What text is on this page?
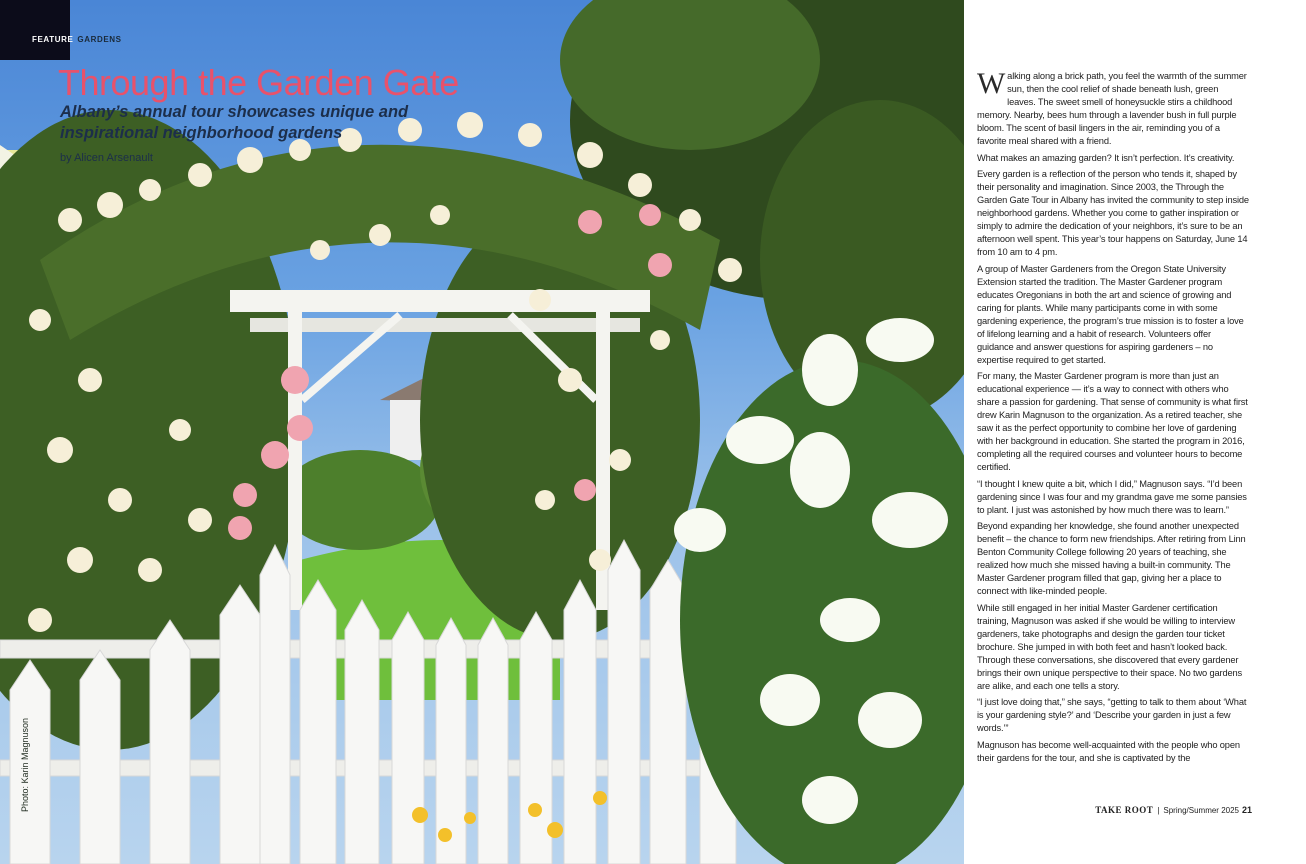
FEATURE GARDENS
Through the Garden Gate
Albany’s annual tour showcases unique and inspirational neighborhood gardens
by Alicen Arsenault
Photo: Karin Magnuson

Walking along a brick path, you feel the warmth of the summer sun, then the cool relief of shade beneath lush, green leaves. The sweet smell of honeysuckle stirs a childhood memory. Nearby, bees hum through a lavender bush in full purple bloom. The scent of basil lingers in the air, reminding you of a favorite meal shared with a friend.

What makes an amazing garden? It isn’t perfection. It’s creativity.

Every garden is a reflection of the person who tends it, shaped by their personality and imagination. Since 2003, the Through the Garden Gate Tour in Albany has invited the community to step inside neighborhood gardens. Whether you come to gather inspiration or simply to admire the dedication of your neighbors, it’s sure to be an afternoon well spent. This year’s tour happens on Saturday, June 14 from 10 am to 4 pm.

A group of Master Gardeners from the Oregon State University Extension started the tradition. The Master Gardener program educates Oregonians in both the art and science of growing and caring for plants. While many participants come in with some gardening experience, the program’s true mission is to foster a love of lifelong learning and a habit of research. Volunteers offer guidance and answer questions for aspiring gardeners – no expertise required to get started.

For many, the Master Gardener program is more than just an educational experience — it’s a way to connect with others who share a passion for gardening. That sense of community is what first drew Karin Magnuson to the organization. As a retired teacher, she saw it as the perfect opportunity to combine her love of gardening with her background in education. She started the program in 2016, completing all the required courses and volunteer hours to become certified.

“I thought I knew quite a bit, which I did,” Magnuson says. “I’d been gardening since I was four and my grandma gave me some pansies to plant. I just was astonished by how much there was to learn.”

Beyond expanding her knowledge, she found another unexpected benefit – the chance to form new friendships. After retiring from Linn Benton Community College following 20 years of teaching, she realized how much she missed having a built-in community. The Master Gardener program filled that gap, giving her a place to connect with like-minded people.

While still engaged in her initial Master Gardener certification training, Magnuson was asked if she would be willing to interview gardeners, take photographs and design the garden tour ticket brochure. She jumped in with both feet and hasn’t looked back. Through these conversations, she discovered that every gardener brings their own unique perspective to their space. No two gardens are alike, and each one tells a story.

“I just love doing that,” she says, “getting to talk to them about ‘What is your gardening style?’ and ‘Describe your garden in just a few words.’”

Magnuson has become well-acquainted with the people who open their gardens for the tour, and she is captivated by the

TAKE ROOT | Spring/Summer 2025 21
